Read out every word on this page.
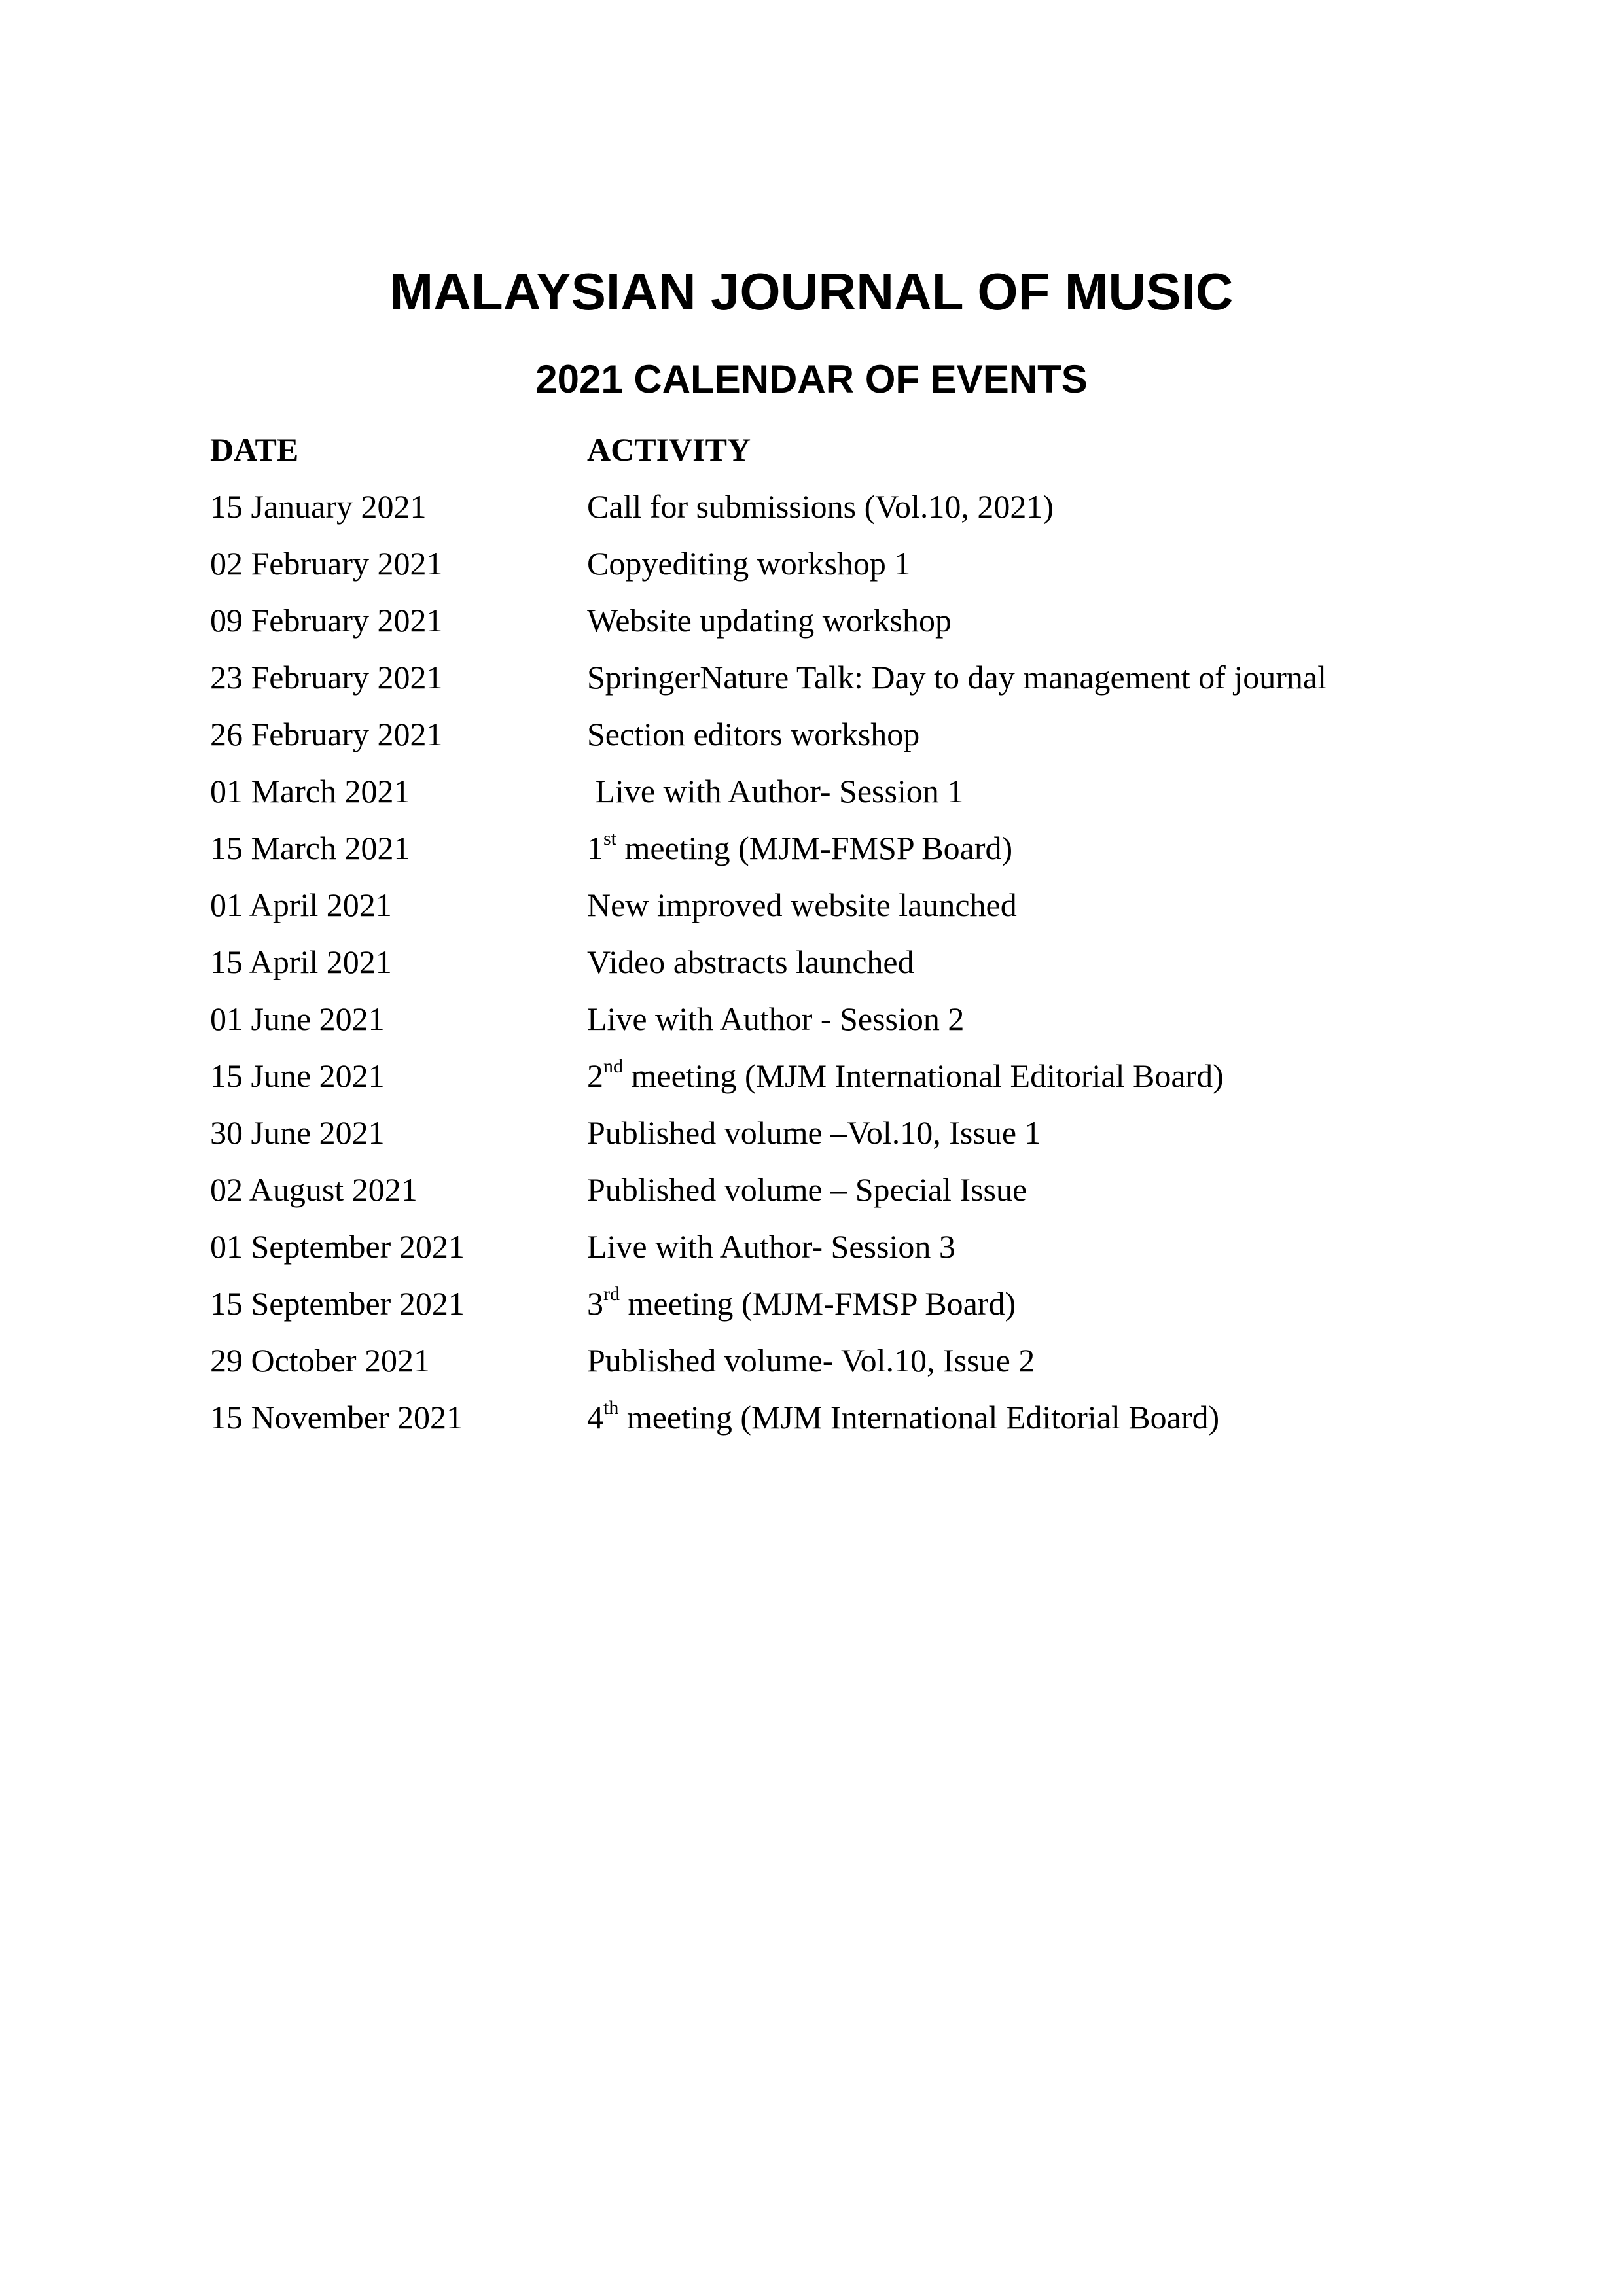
MALAYSIAN JOURNAL OF MUSIC
2021 CALENDAR OF EVENTS
DATE	ACTIVITY
15 January 2021	Call for submissions (Vol.10, 2021)
02 February 2021	Copyediting workshop 1
09 February 2021	Website updating workshop
23 February 2021	SpringerNature Talk: Day to day management of journal
26 February 2021	Section editors workshop
01 March 2021	Live with Author- Session 1
15 March 2021	1st meeting (MJM-FMSP Board)
01 April 2021	New improved website launched
15 April 2021	Video abstracts launched
01 June 2021	Live with Author - Session 2
15 June 2021	2nd meeting (MJM International Editorial Board)
30 June 2021	Published volume –Vol.10, Issue 1
02 August 2021	Published volume – Special Issue
01 September 2021	Live with Author- Session 3
15 September 2021	3rd meeting (MJM-FMSP Board)
29 October 2021	Published volume- Vol.10, Issue 2
15 November 2021	4th meeting (MJM International Editorial Board)
